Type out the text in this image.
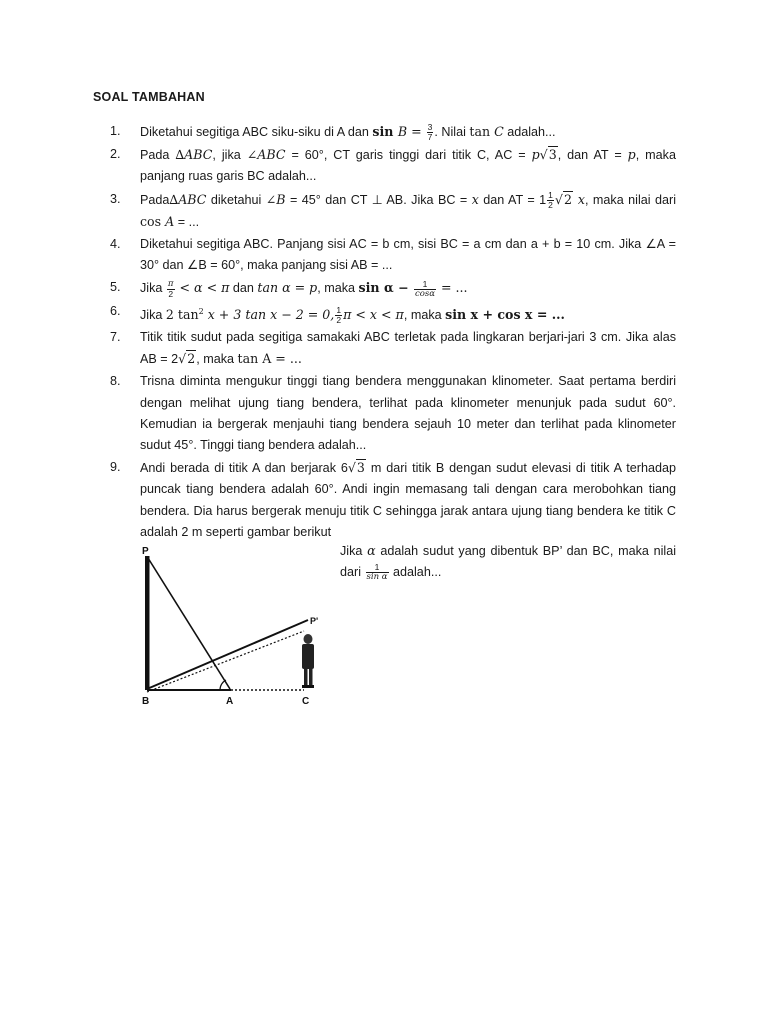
SOAL TAMBAHAN
1.	Diketahui segitiga ABC siku-siku di A dan $\sin B = \frac{3}{7}$ . Nilai tan C adalah...

2.	Pada ∆ABC, jika ∠ABC = 60°, CT garis tinggi dari titik C, AC = p√3, dan AT = p, maka panjang ruas garis BC adalah...

3.	Pada∆ABC diketahui ∠B = 45° dan CT ⊥ AB. Jika BC = x dan AT = $1 \frac{1}{2} √2$ x, maka nilai dari cos A = ...

4.	Diketahui segitiga ABC. Panjang sisi AC = b cm, sisi BC = a cm dan a + b = 10 cm. Jika ∠A = 30° dan ∠B = 60°, maka panjang sisi AB = ...

5.	Jika $\frac{\pi}{2} < \alpha < \pi$ dan tan α = p, maka $\sin \alpha - \frac{1}{\cos\alpha}$ = ...

6.	Jika 2 $\tan^2 x + 3$ tan x − 2 = 0, $\frac{1}{2}$ π < x < π, maka sin x + cos x = ...

7.	Titik titik sudut pada segitiga samakaki ABC terletak pada lingkaran berjari-jari 3 cm. Jika alas AB = 2√2, maka tan A = ...

8.	Trisna diminta mengukur tinggi tiang bendera menggunakan klinometer. Saat pertama berdiri dengan melihat ujung tiang bendera, terlihat pada klinometer menunjuk pada sudut 60°. Kemudian ia bergerak menjauhi tiang bendera sejauh 10 meter dan terlihat pada klinometer sudut 45°. Tinggi tiang bendera adalah...

9.	Andi berada di titik A dan berjarak 6√3 m dari titik B dengan sudut elevasi di titik A terhadap puncak tiang bendera adalah 60°. Andi ingin memasang tali dengan cara merobohkan tiang bendera. Dia harus bergerak menuju titik C sehingga jarak antara ujung tiang bendera ke titik C adalah 2 m seperti gambar berikut

P
P'
B	A	C
Jika α adalah sudut yang dibentuk BP’ dan BC, maka nilai dari $\frac{1}{\text{sin α}}$ adalah...
